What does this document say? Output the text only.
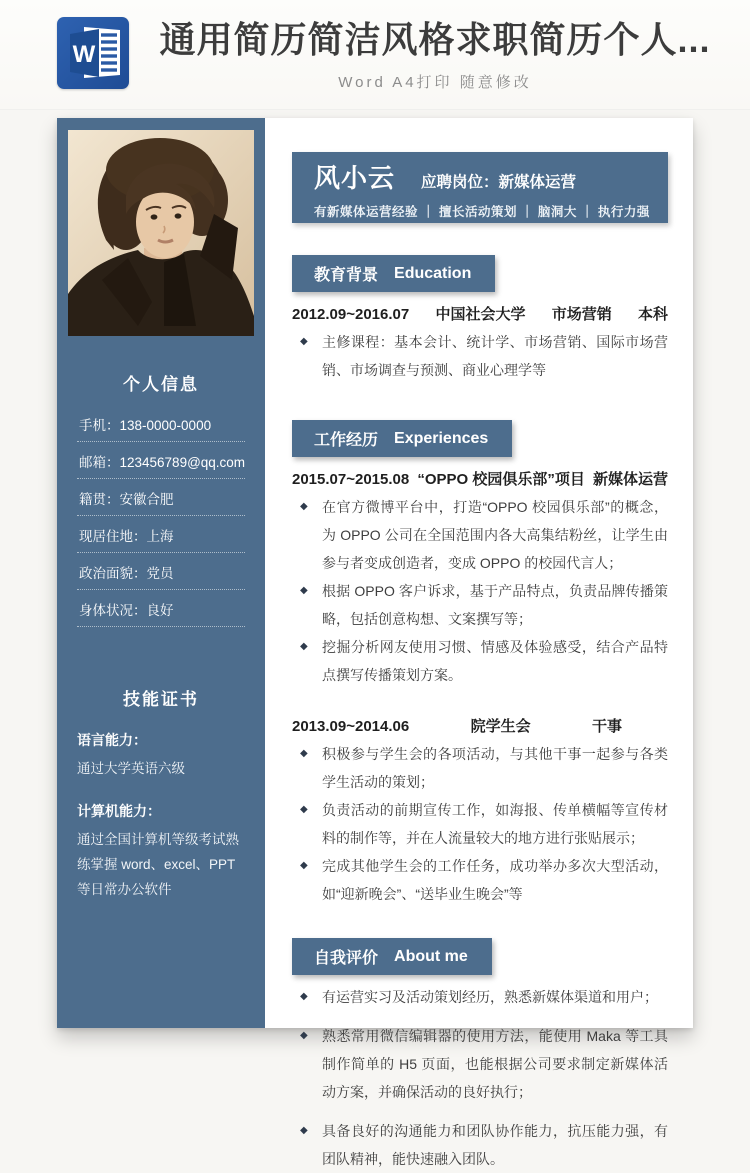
W	通用简历简洁风格求职简历个人...
Word A4打印 随意修改
个人信息
手机：138-0000-0000
邮箱：123456789@qq.com
籍贯：安徽合肥
现居住地：上海
政治面貌：党员
身体状况：良好
技能证书
语言能力：
通过大学英语六级
计算机能力：
通过全国计算机等级考试熟练掌握 word、excel、PPT 等日常办公软件
风小云 应聘岗位：新媒体运营
有新媒体运营经验 ｜ 擅长活动策划 ｜ 脑洞大 ｜ 执行力强
教育背景 Education
2012.09~2016.07 中国社会大学 市场营销 本科
◆	主修课程：基本会计、统计学、市场营销、国际市场营销、市场调查与预测、商业心理学等

工作经历 Experiences
2015.07~2015.08 “OPPO 校园俱乐部”项目 新媒体运营
◆	在官方微博平台中，打造“OPPO 校园俱乐部”的概念，为 OPPO 公司在全国范围内各大高集结粉丝，让学生由参与者变成创造者，变成 OPPO 的校园代言人；

◆	根据 OPPO 客户诉求，基于产品特点，负责品牌传播策略，包括创意构想、文案撰写等；

◆	挖掘分析网友使用习惯、情感及体验感受，结合产品特点撰写传播策划方案。

2013.09~2014.06	院学生会	干事
◆	积极参与学生会的各项活动，与其他干事一起参与各类学生活动的策划；

◆	负责活动的前期宣传工作，如海报、传单横幅等宣传材料的制作等，并在人流量较大的地方进行张贴展示；

◆	完成其他学生会的工作任务，成功举办多次大型活动，如“迎新晚会”、“送毕业生晚会”等

自我评价 About me
◆	有运营实习及活动策划经历，熟悉新媒体渠道和用户；

◆	熟悉常用微信编辑器的使用方法，能使用 Maka 等工具制作简单的 H5 页面，也能根据公司要求制定新媒体活动方案，并确保活动的良好执行；

◆	具备良好的沟通能力和团队协作能力，抗压能力强，有团队精神，能快速融入团队。
